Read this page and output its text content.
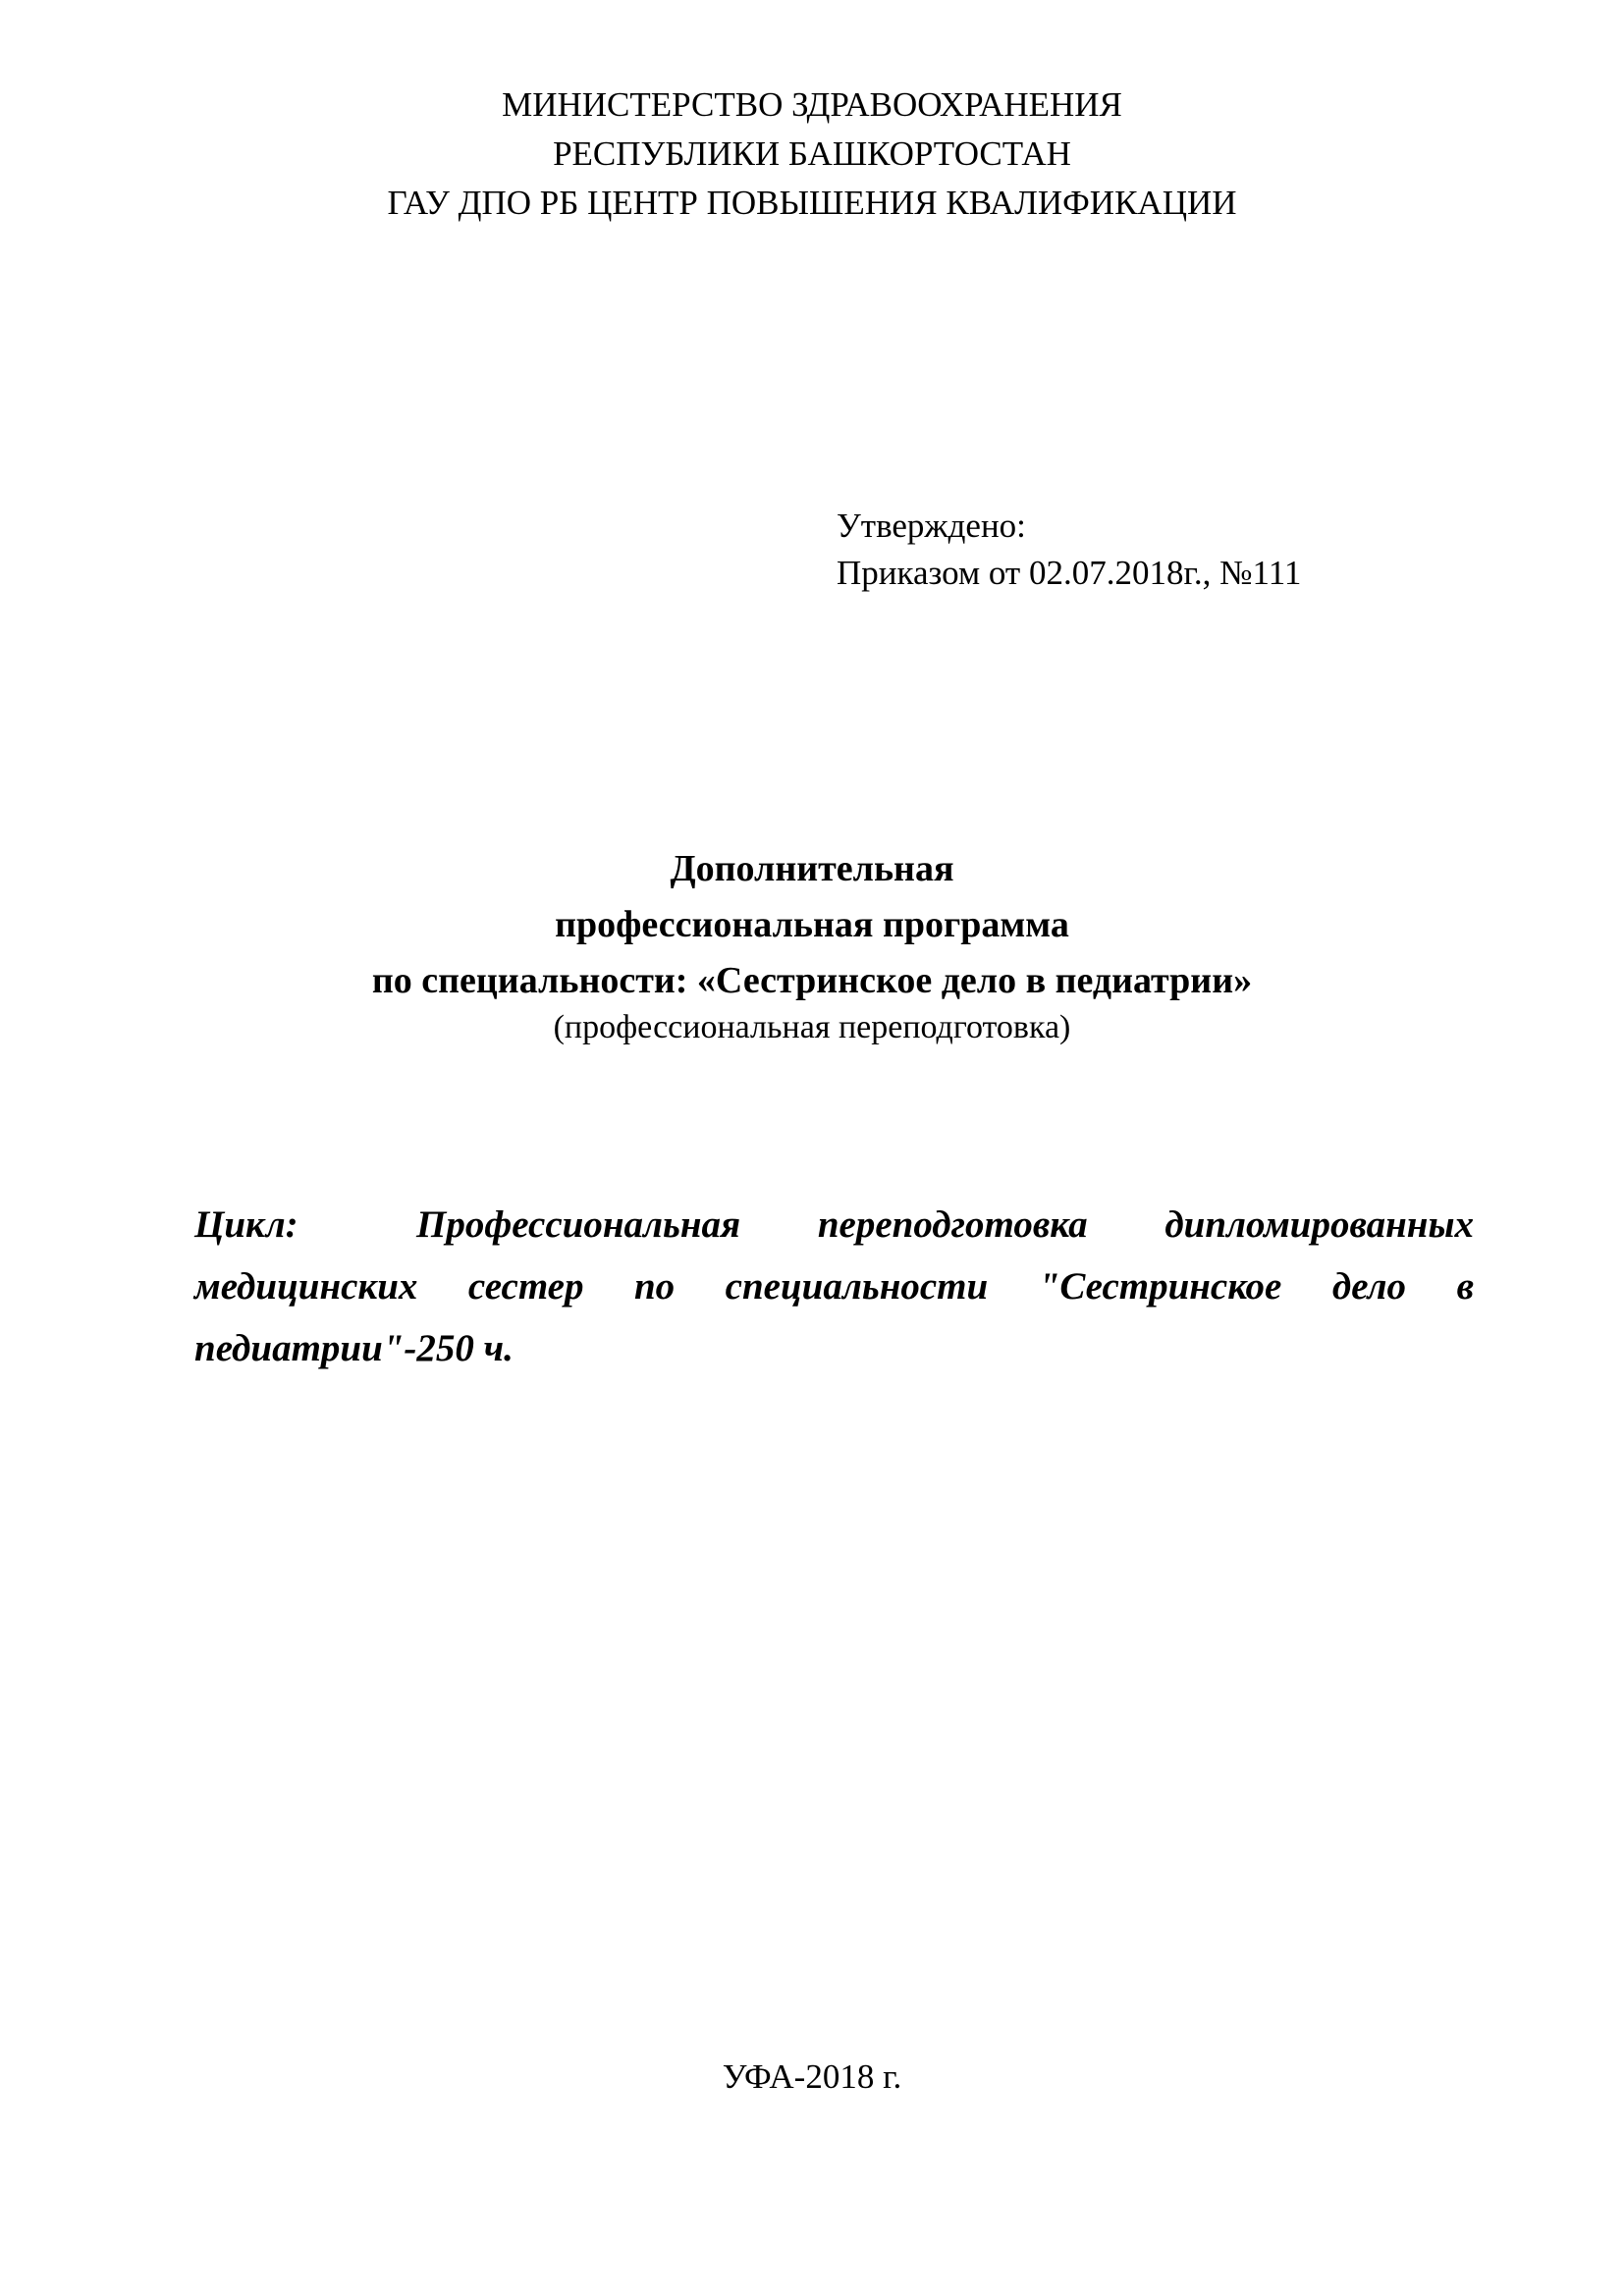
МИНИСТЕРСТВО ЗДРАВООХРАНЕНИЯ
РЕСПУБЛИКИ БАШКОРТОСТАН
ГАУ ДПО РБ ЦЕНТР ПОВЫШЕНИЯ КВАЛИФИКАЦИИ
Утверждено:
Приказом от 02.07.2018г., №111
Дополнительная
профессиональная программа
по специальности: «Сестринское дело в педиатрии»
(профессиональная переподготовка)
Цикл:	Профессиональная переподготовка дипломированных медицинских сестер по специальности "Сестринское дело в педиатрии"-250 ч.
УФА-2018 г.
